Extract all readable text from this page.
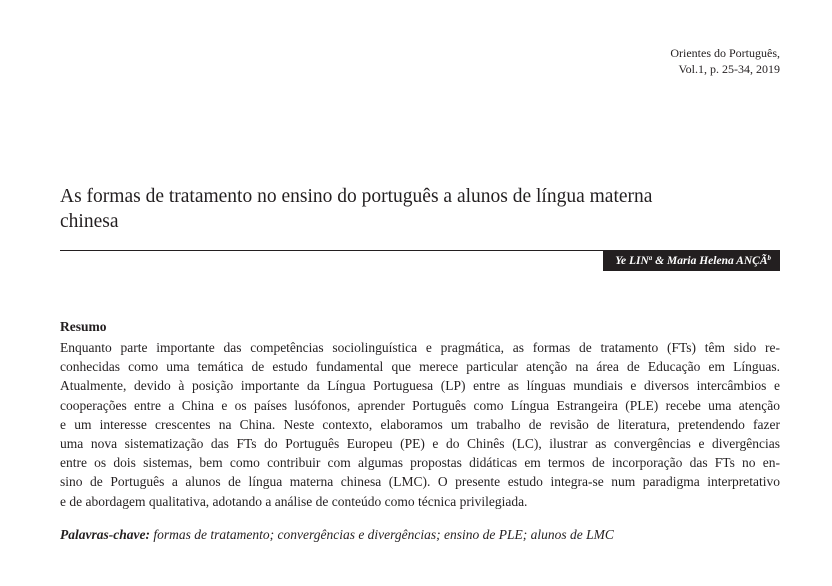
Orientes do Português,
Vol.1, p. 25-34, 2019
As formas de tratamento no ensino do português a alunos de língua materna
chinesa
Ye LIN$^a$ & Maria Helena ANÇÃ$^b$
Resumo
Enquanto parte importante das competências sociolinguística e pragmática, as formas de tratamento (FTs) têm sido re-
conhecidas como uma temática de estudo fundamental que merece particular atenção na área de Educação em Línguas.
Atualmente, devido à posição importante da Língua Portuguesa (LP) entre as línguas mundiais e diversos intercâmbios e
cooperações entre a China e os países lusófonos, aprender Português como Língua Estrangeira (PLE) recebe uma atenção
e um interesse crescentes na China. Neste contexto, elaboramos um trabalho de revisão de literatura, pretendendo fazer
uma nova sistematização das FTs do Português Europeu (PE) e do Chinês (LC), ilustrar as convergências e divergências
entre os dois sistemas, bem como contribuir com algumas propostas didáticas em termos de incorporação das FTs no en-
sino de Português a alunos de língua materna chinesa (LMC). O presente estudo integra-se num paradigma interpretativo
e de abordagem qualitativa, adotando a análise de conteúdo como técnica privilegiada.
Palavras-chave: formas de tratamento; convergências e divergências; ensino de PLE; alunos de LMC
